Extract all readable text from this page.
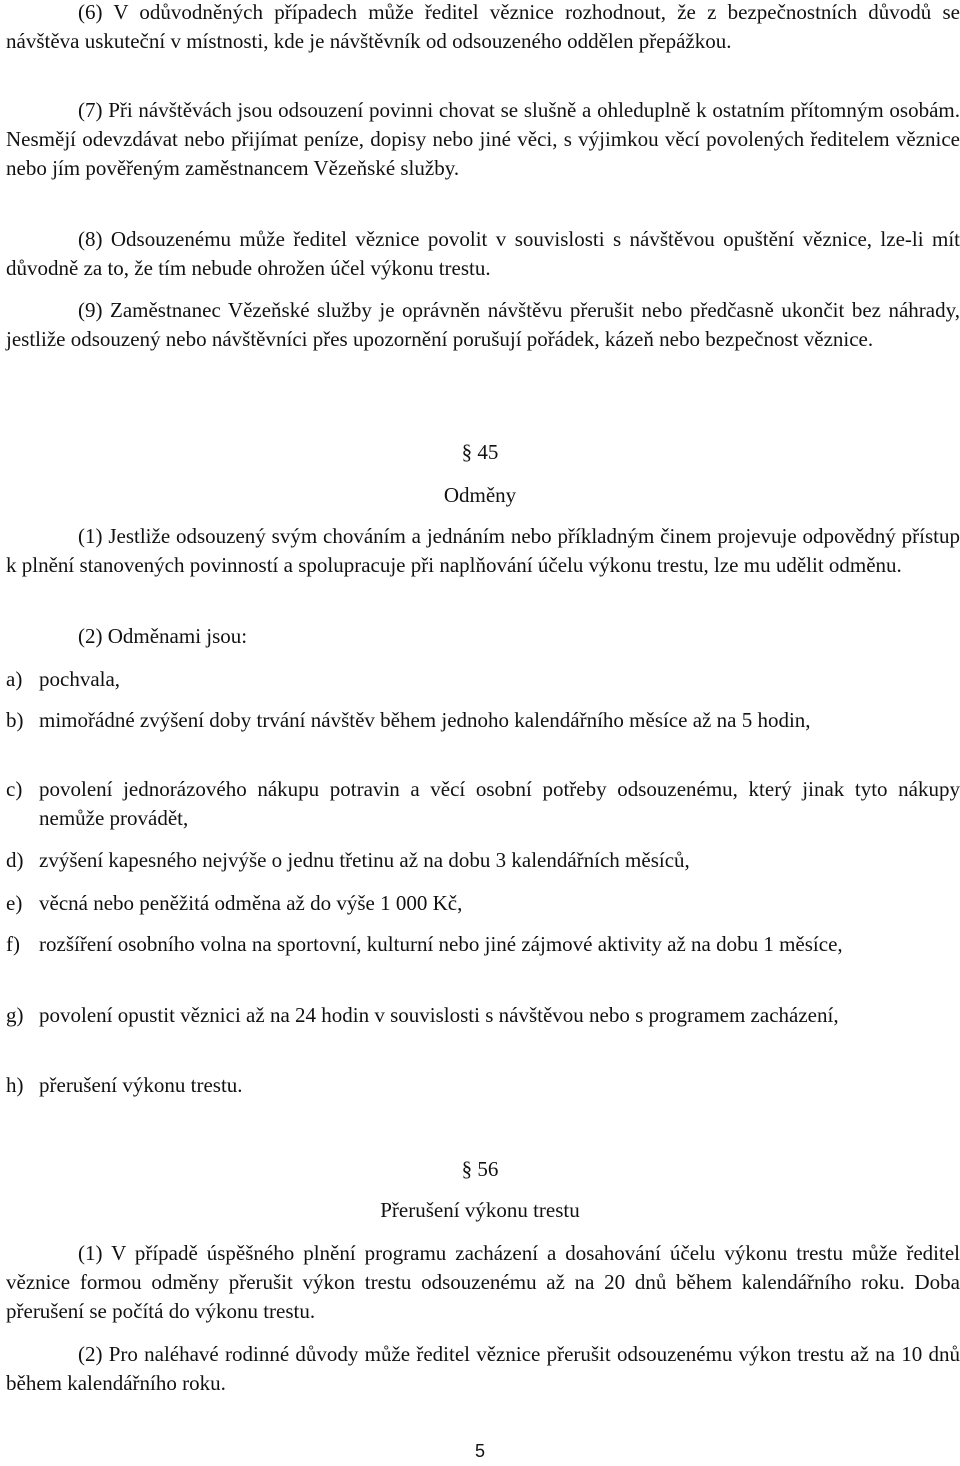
(6) V odůvodněných případech může ředitel věznice rozhodnout, že z bezpečnostních důvodů se návštěva uskuteční v místnosti, kde je návštěvník od odsouzeného oddělen přepážkou.

(7) Při návštěvách jsou odsouzení povinni chovat se slušně a ohleduplně k ostatním přítomným osobám. Nesmějí odevzdávat nebo přijímat peníze, dopisy nebo jiné věci, s výjimkou věcí povolených ředitelem věznice nebo jím pověřeným zaměstnancem Vězeňské služby.

(8) Odsouzenému může ředitel věznice povolit v souvislosti s návštěvou opuštění věznice, lze-li mít důvodně za to, že tím nebude ohrožen účel výkonu trestu.

(9) Zaměstnanec Vězeňské služby je oprávněn návštěvu přerušit nebo předčasně ukončit bez náhrady, jestliže odsouzený nebo návštěvníci přes upozornění porušují pořádek, kázeň nebo bezpečnost věznice.

§ 45
Odměny

(1) Jestliže odsouzený svým chováním a jednáním nebo příkladným činem projevuje odpovědný přístup k plnění stanovených povinností a spolupracuje při naplňování účelu výkonu trestu, lze mu udělit odměnu.

(2) Odměnami jsou:

a) pochvala,
b) mimořádné zvýšení doby trvání návštěv během jednoho kalendářního měsíce až na 5 hodin,
c) povolení jednorázového nákupu potravin a věcí osobní potřeby odsouzenému, který jinak tyto nákupy nemůže provádět,
d) zvýšení kapesného nejvýše o jednu třetinu až na dobu 3 kalendářních měsíců,
e) věcná nebo peněžitá odměna až do výše 1 000 Kč,
f) rozšíření osobního volna na sportovní, kulturní nebo jiné zájmové aktivity až na dobu 1 měsíce,
g) povolení opustit věznici až na 24 hodin v souvislosti s návštěvou nebo s programem zacházení,
h) přerušení výkonu trestu.
§ 56
Přerušení výkonu trestu

(1) V případě úspěšného plnění programu zacházení a dosahování účelu výkonu trestu může ředitel věznice formou odměny přerušit výkon trestu odsouzenému až na 20 dnů během kalendářního roku. Doba přerušení se počítá do výkonu trestu.

(2) Pro naléhavé rodinné důvody může ředitel věznice přerušit odsouzenému výkon trestu až na 10 dnů během kalendářního roku.

5
